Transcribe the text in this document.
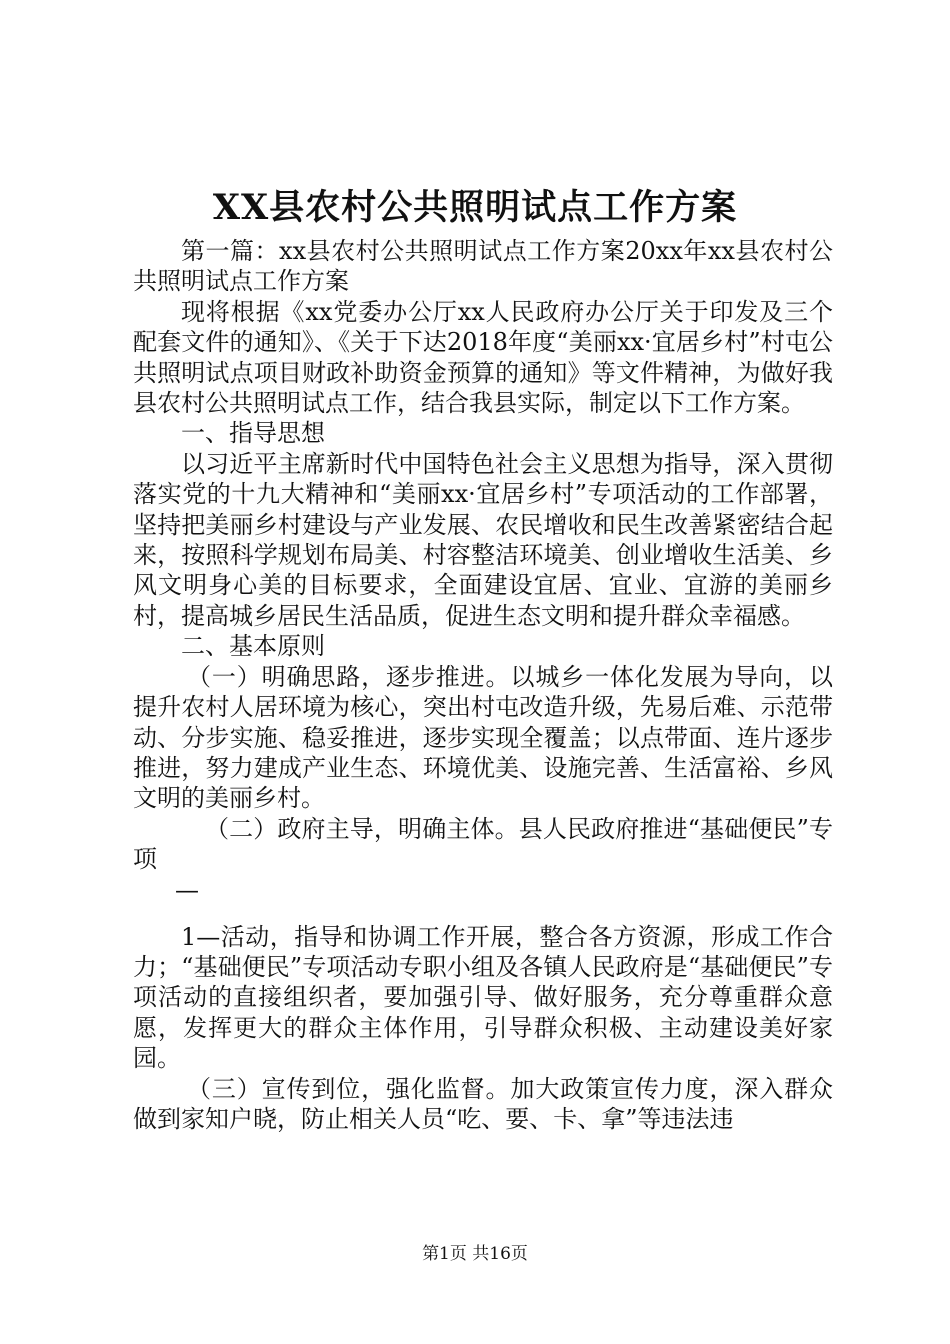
XX县农村公共照明试点工作方案

第一篇：xx县农村公共照明试点工作方案20xx年xx县农村公共照明试点工作方案

现将根据《xx党委办公厅xx人民政府办公厅关于印发及三个配套文件的通知》、《关于下达2018年度“美丽xx·宜居乡村”村屯公共照明试点项目财政补助资金预算的通知》等文件精神，为做好我县农村公共照明试点工作，结合我县实际，制定以下工作方案。

一、指导思想

以习近平主席新时代中国特色社会主义思想为指导，深入贯彻落实党的十九大精神和“美丽xx·宜居乡村”专项活动的工作部署，坚持把美丽乡村建设与产业发展、农民增收和民生改善紧密结合起来，按照科学规划布局美、村容整洁环境美、创业增收生活美、乡风文明身心美的目标要求，全面建设宜居、宜业、宜游的美丽乡村，提高城乡居民生活品质，促进生态文明和提升群众幸福感。

二、基本原则

（一）明确思路，逐步推进。以城乡一体化发展为导向，以提升农村人居环境为核心，突出村屯改造升级，先易后难、示范带动、分步实施、稳妥推进，逐步实现全覆盖；以点带面、连片逐步推进，努力建成产业生态、环境优美、设施完善、生活富裕、乡风文明的美丽乡村。

（二）政府主导，明确主体。县人民政府推进“基础便民”专项

—

1—活动，指导和协调工作开展，整合各方资源，形成工作合力；“基础便民”专项活动专职小组及各镇人民政府是“基础便民”专项活动的直接组织者，要加强引导、做好服务，充分尊重群众意愿，发挥更大的群众主体作用，引导群众积极、主动建设美好家园。

（三）宣传到位，强化监督。加大政策宣传力度，深入群众做到家知户晓，防止相关人员“吃、要、卡、拿”等违法违

第1页 共16页
